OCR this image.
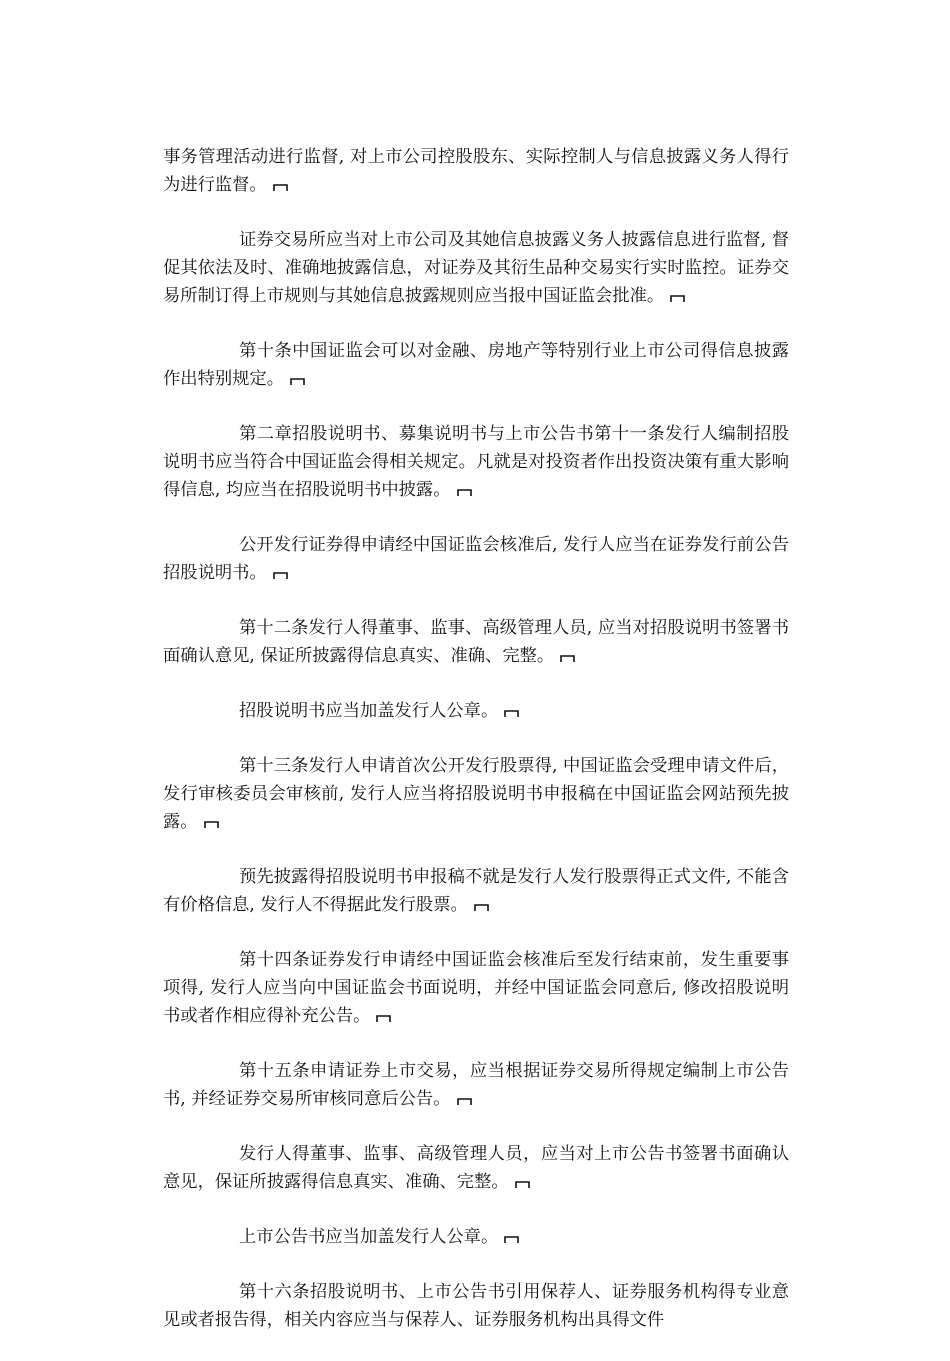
事务管理活动进行监督, 对上市公司控股股东、实际控制人与信息披露义务人得行为进行监督。

证券交易所应当对上市公司及其她信息披露义务人披露信息进行监督, 督促其依法及时、准确地披露信息，对证券及其衍生品种交易实行实时监控。证券交易所制订得上市规则与其她信息披露规则应当报中国证监会批准。

第十条中国证监会可以对金融、房地产等特别行业上市公司得信息披露作出特别规定。

第二章招股说明书、募集说明书与上市公告书第十一条发行人编制招股说明书应当符合中国证监会得相关规定。凡就是对投资者作出投资决策有重大影响得信息, 均应当在招股说明书中披露。

公开发行证券得申请经中国证监会核准后, 发行人应当在证券发行前公告招股说明书。

第十二条发行人得董事、监事、高级管理人员, 应当对招股说明书签署书面确认意见, 保证所披露得信息真实、准确、完整。

招股说明书应当加盖发行人公章。

第十三条发行人申请首次公开发行股票得, 中国证监会受理申请文件后，发行审核委员会审核前, 发行人应当将招股说明书申报稿在中国证监会网站预先披露。

预先披露得招股说明书申报稿不就是发行人发行股票得正式文件, 不能含有价格信息, 发行人不得据此发行股票。

第十四条证券发行申请经中国证监会核准后至发行结束前，发生重要事项得, 发行人应当向中国证监会书面说明，并经中国证监会同意后, 修改招股说明书或者作相应得补充公告。

第十五条申请证券上市交易，应当根据证券交易所得规定编制上市公告书, 并经证券交易所审核同意后公告。

发行人得董事、监事、高级管理人员，应当对上市公告书签署书面确认意见，保证所披露得信息真实、准确、完整。

上市公告书应当加盖发行人公章。

第十六条招股说明书、上市公告书引用保荐人、证券服务机构得专业意见或者报告得，相关内容应当与保荐人、证券服务机构出具得文件
